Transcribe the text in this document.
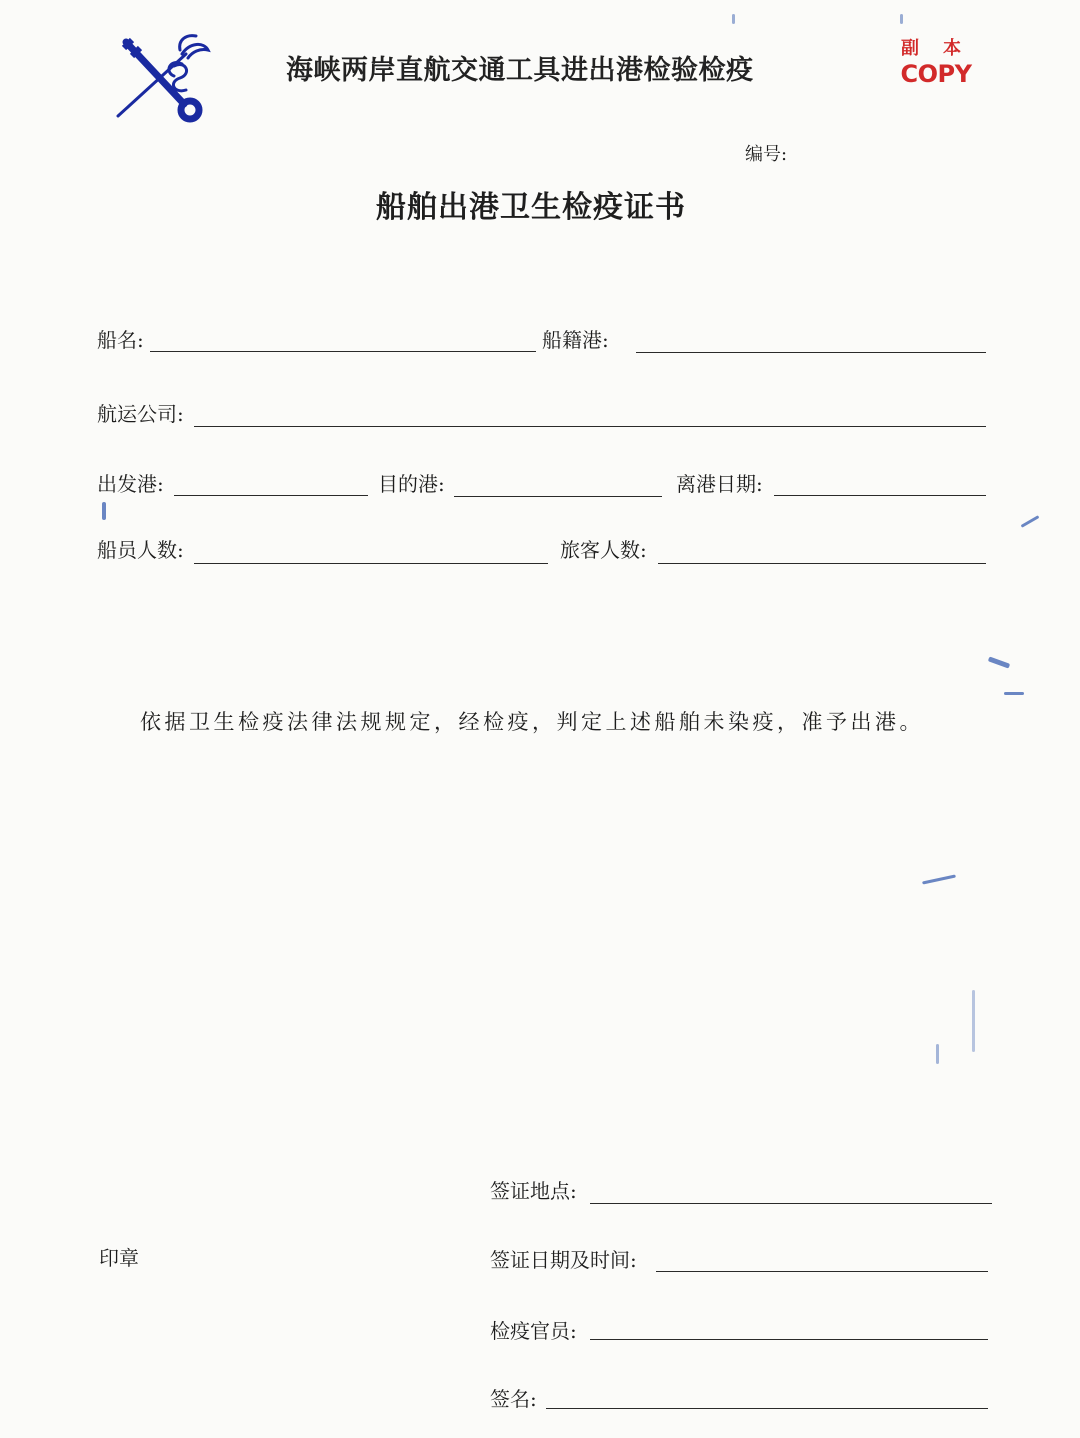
海峡两岸直航交通工具进出港检验检疫
副本
COPY
编号:
船舶出港卫生检疫证书
船名:	船籍港:
航运公司:
出发港:	目的港:	离港日期:
船员人数:	旅客人数:
依据卫生检疫法律法规规定，经检疫，判定上述船舶未染疫，准予出港。
印章
签证地点:
签证日期及时间:
检疫官员:
签名:
